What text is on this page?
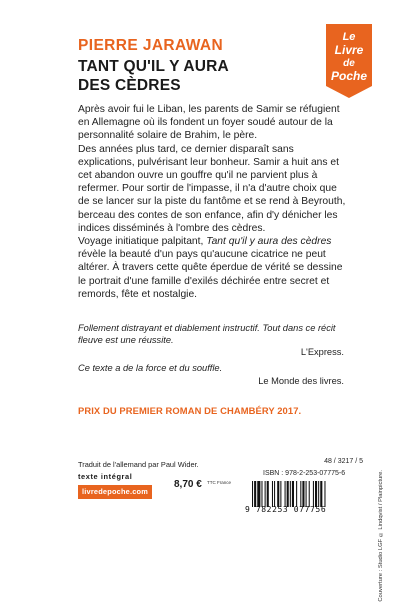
PIERRE JARAWAN
TANT QU'IL Y AURA
DES CÈDRES
Le
Livre
de
Poche

Après avoir fui le Liban, les parents de Samir se réfugient en Allemagne où ils fondent un foyer soudé autour de la personnalité solaire de Brahim, le père.

Des années plus tard, ce dernier disparaît sans explications, pulvérisant leur bonheur. Samir a huit ans et cet abandon ouvre un gouffre qu'il ne parvient plus à refermer. Pour sortir de l'impasse, il n'a d'autre choix que de se lancer sur la piste du fantôme et se rend à Beyrouth, berceau des contes de son enfance, afin d'y dénicher les indices disséminés à l'ombre des cèdres.

Voyage initiatique palpitant, Tant qu'il y aura des cèdres révèle la beauté d'un pays qu'aucune cicatrice ne peut altérer. À travers cette quête éperdue de vérité se dessine le portrait d'une famille d'exilés déchirée entre secret et remords, fête et nostalgie.

Follement distrayant et diablement instructif. Tout dans ce récit fleuve est une réussite.
L'Express.
Ce texte a de la force et du souffle.
Le Monde des livres.
PRIX DU PREMIER ROMAN DE CHAMBÉRY 2017.
Traduit de l'allemand par Paul Wider.
texte intégral
livredepoche.com
8,70 € TTC France
48 / 3217 / 5
ISBN : 978-2-253-07775-6
9 782253 077756	Couverture : Studio LGF © Lindqvist / Plainpicture.
